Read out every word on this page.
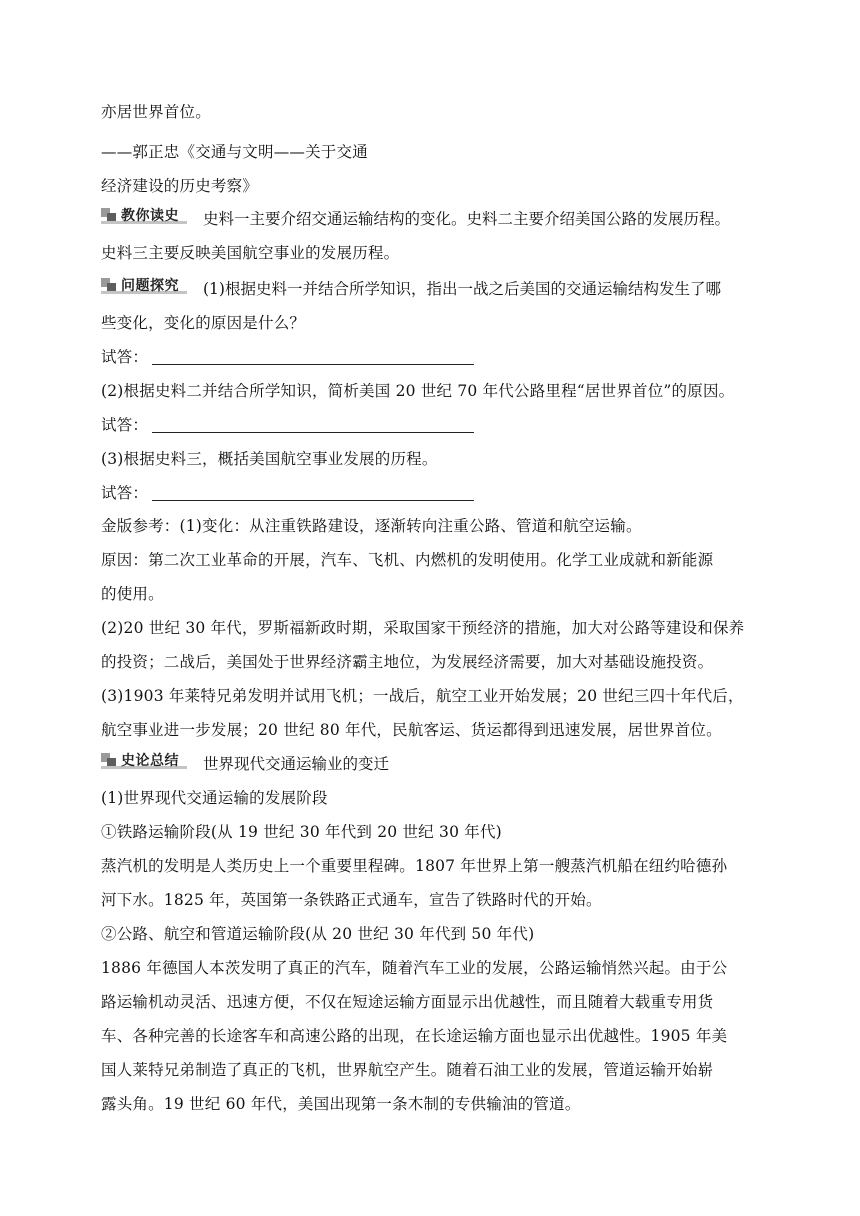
亦居世界首位。
——郭正忠《交通与文明——关于交通
经济建设的历史考察》
教你读史 史料一主要介绍交通运输结构的变化。史料二主要介绍美国公路的发展历程。
史料三主要反映美国航空事业的发展历程。
问题探究 (1)根据史料一并结合所学知识，指出一战之后美国的交通运输结构发生了哪
些变化，变化的原因是什么？
试答：
(2)根据史料二并结合所学知识，简析美国 20 世纪 70 年代公路里程“居世界首位”的原因。
试答：
(3)根据史料三，概括美国航空事业发展的历程。
试答：
金版参考：(1)变化：从注重铁路建设，逐渐转向注重公路、管道和航空运输。
原因：第二次工业革命的开展，汽车、飞机、内燃机的发明使用。化学工业成就和新能源
的使用。
(2)20 世纪 30 年代，罗斯福新政时期，采取国家干预经济的措施，加大对公路等建设和保养
的投资；二战后，美国处于世界经济霸主地位，为发展经济需要，加大对基础设施投资。
(3)1903 年莱特兄弟发明并试用飞机；一战后，航空工业开始发展；20 世纪三四十年代后，
航空事业进一步发展；20 世纪 80 年代，民航客运、货运都得到迅速发展，居世界首位。
史论总结 世界现代交通运输业的变迁
(1)世界现代交通运输的发展阶段
①铁路运输阶段(从 19 世纪 30 年代到 20 世纪 30 年代)
蒸汽机的发明是人类历史上一个重要里程碑。1807 年世界上第一艘蒸汽机船在纽约哈德孙
河下水。1825 年，英国第一条铁路正式通车，宣告了铁路时代的开始。
②公路、航空和管道运输阶段(从 20 世纪 30 年代到 50 年代)
1886 年德国人本茨发明了真正的汽车，随着汽车工业的发展，公路运输悄然兴起。由于公
路运输机动灵活、迅速方便，不仅在短途运输方面显示出优越性，而且随着大载重专用货
车、各种完善的长途客车和高速公路的出现，在长途运输方面也显示出优越性。1905 年美
国人莱特兄弟制造了真正的飞机，世界航空产生。随着石油工业的发展，管道运输开始崭
露头角。19 世纪 60 年代，美国出现第一条木制的专供输油的管道。
